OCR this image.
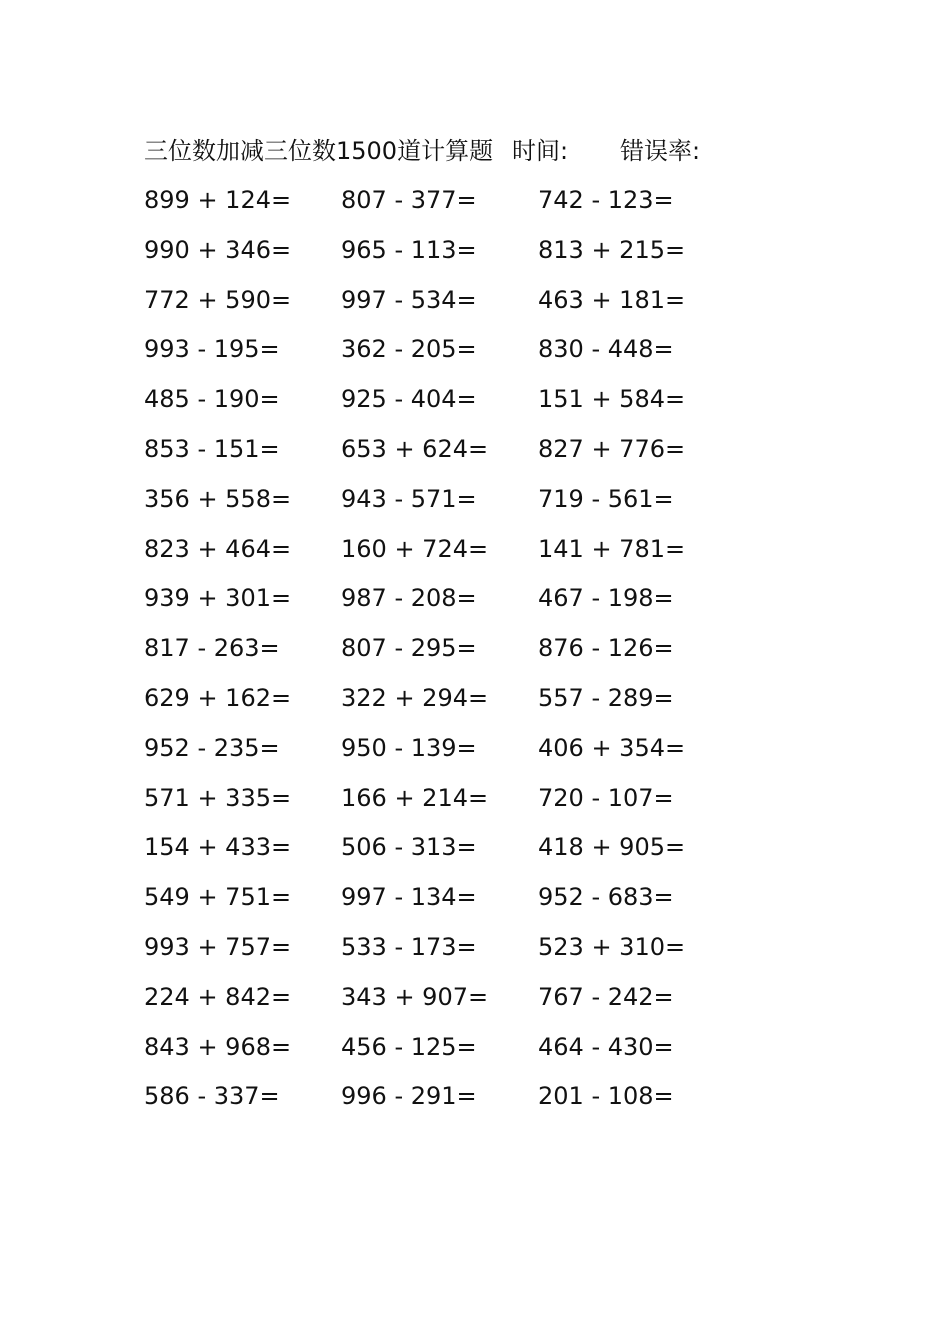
三位数加减三位数1500道计算题 时间: 错误率:
899 + 124=	807 - 377=	742 - 123=
990 + 346=	965 - 113=	813 + 215=
772 + 590=	997 - 534=	463 + 181=
993 - 195=	362 - 205=	830 - 448=
485 - 190=	925 - 404=	151 + 584=
853 - 151=	653 + 624=	827 + 776=
356 + 558=	943 - 571=	719 - 561=
823 + 464=	160 + 724=	141 + 781=
939 + 301=	987 - 208=	467 - 198=
817 - 263=	807 - 295=	876 - 126=
629 + 162=	322 + 294=	557 - 289=
952 - 235=	950 - 139=	406 + 354=
571 + 335=	166 + 214=	720 - 107=
154 + 433=	506 - 313=	418 + 905=
549 + 751=	997 - 134=	952 - 683=
993 + 757=	533 - 173=	523 + 310=
224 + 842=	343 + 907=	767 - 242=
843 + 968=	456 - 125=	464 - 430=
586 - 337=	996 - 291=	201 - 108=
